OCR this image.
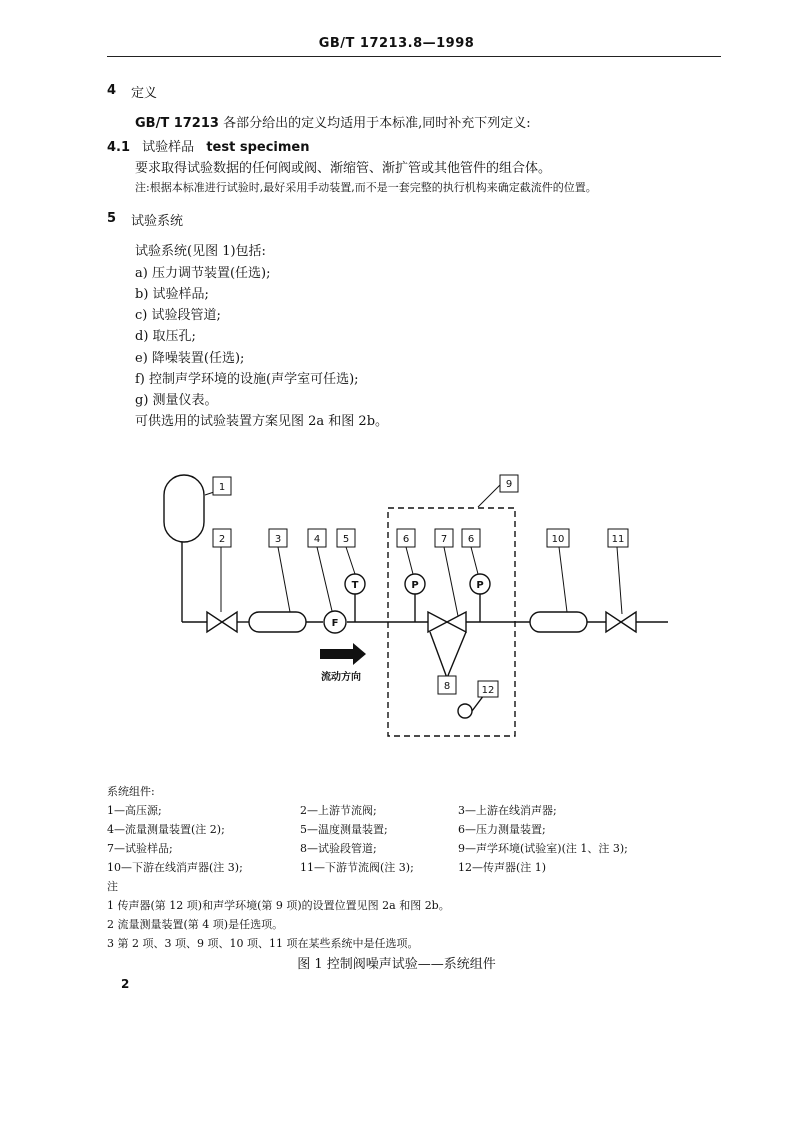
GB/T 17213.8—1998
4 定义
GB/T 17213 各部分给出的定义均适用于本标准,同时补充下列定义:
4.1 试验样品 test specimen
要求取得试验数据的任何阀或阀、渐缩管、渐扩管或其他管件的组合体。
注:根据本标准进行试验时,最好采用手动装置,而不是一套完整的执行机构来确定截流件的位置。
5 试验系统
试验系统(见图 1)包括:
a) 压力调节装置(任选);
b) 试验样品;
c) 试验段管道;
d) 取压孔;
e) 降噪装置(任选);
f) 控制声学环境的设施(声学室可任选);
g) 测量仪表。
可供选用的试验装置方案见图 2a 和图 2b。
1
2	3	4 5	6	7 6
9
10	11
8	12
F
T	P	P
流动方向
系统组件:
1—高压源;	2—上游节流阀;	3—上游在线消声器;
4—流量测量装置(注 2);	5—温度测量装置;	6—压力测量装置;
7—试验样品;	8—试验段管道;	9—声学环境(试验室)(注 1、注 3);
10—下游在线消声器(注 3);	11—下游节流阀(注 3);	12—传声器(注 1)
注
1 传声器(第 12 项)和声学环境(第 9 项)的设置位置见图 2a 和图 2b。
2 流量测量装置(第 4 项)是任选项。
3 第 2 项、3 项、9 项、10 项、11 项在某些系统中是任选项。
图 1 控制阀噪声试验——系统组件
2
